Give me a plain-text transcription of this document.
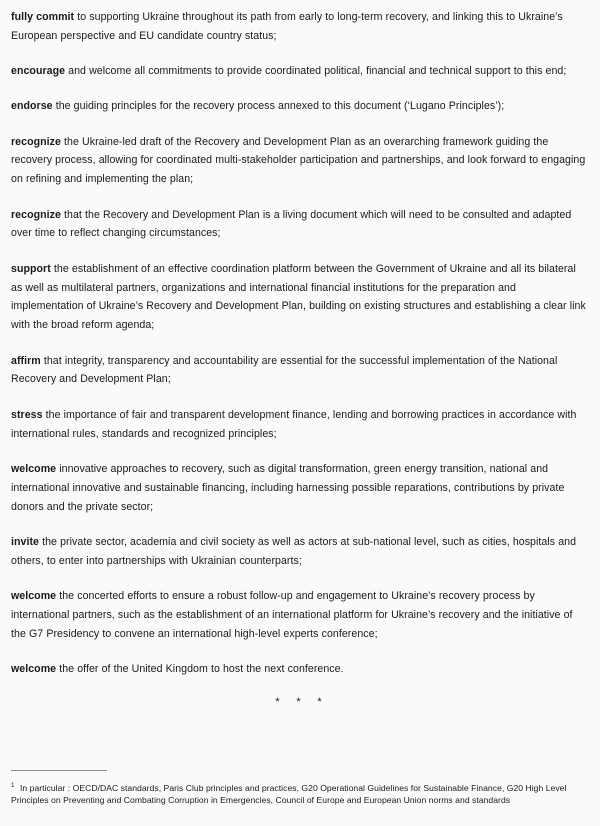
fully commit to supporting Ukraine throughout its path from early to long-term recovery, and linking this to Ukraine’s European perspective and EU candidate country status;

encourage and welcome all commitments to provide coordinated political, financial and technical support to this end;

endorse the guiding principles for the recovery process annexed to this document (‘Lugano Principles’);

recognize the Ukraine-led draft of the Recovery and Development Plan as an overarching framework guiding the recovery process, allowing for coordinated multi-stakeholder participation and partnerships, and look forward to engaging on refining and implementing the plan;

recognize that the Recovery and Development Plan is a living document which will need to be consulted and adapted over time to reflect changing circumstances;

support the establishment of an effective coordination platform between the Government of Ukraine and all its bilateral as well as multilateral partners, organizations and international financial institutions for the preparation and implementation of Ukraine’s Recovery and Development Plan, building on existing structures and establishing a clear link with the broad reform agenda;

affirm that integrity, transparency and accountability are essential for the successful implementation of the National Recovery and Development Plan;

stress the importance of fair and transparent development finance, lending and borrowing practices in accordance with international rules, standards and recognized principles;

welcome innovative approaches to recovery, such as digital transformation, green energy transition, national and international innovative and sustainable financing, including harnessing possible reparations, contributions by private donors and the private sector;

invite the private sector, academia and civil society as well as actors at sub-national level, such as cities, hospitals and others, to enter into partnerships with Ukrainian counterparts;

welcome the concerted efforts to ensure a robust follow-up and engagement to Ukraine’s recovery process by international partners, such as the establishment of an international platform for Ukraine’s recovery and the initiative of the G7 Presidency to convene an international high-level experts conference;

welcome the offer of the United Kingdom to host the next conference.

* * *

$^1$ In particular : OECD/DAC standards, Paris Club principles and practices, G20 Operational Guidelines for Sustainable Finance, G20 High Level Principles on Preventing and Combating Corruption in Emergencies, Council of Europe and European Union norms and standards
